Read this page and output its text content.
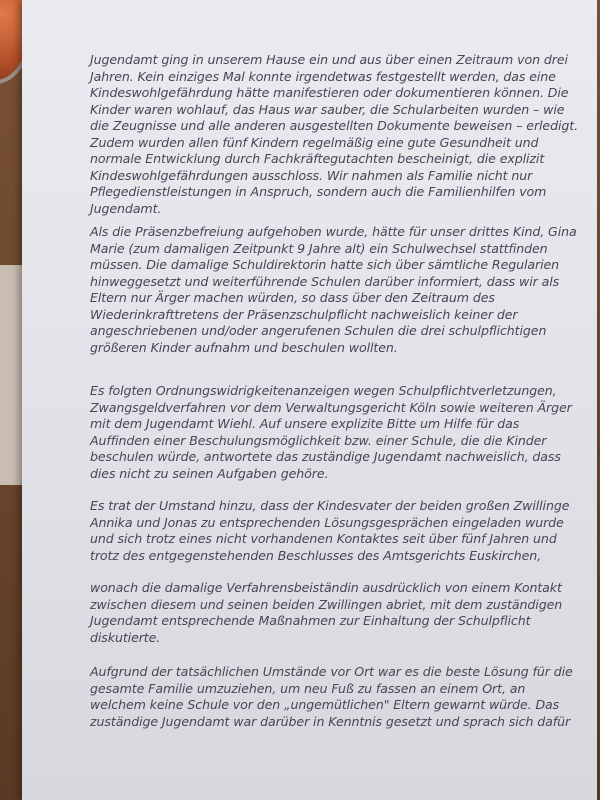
Jugendamt ging in unserem Hause ein und aus über einen Zeitraum von drei
Jahren. Kein einziges Mal konnte irgendetwas festgestellt werden, das eine
Kindeswohlgefährdung hätte manifestieren oder dokumentieren können. Die
Kinder waren wohlauf, das Haus war sauber, die Schularbeiten wurden – wie
die Zeugnisse und alle anderen ausgestellten Dokumente beweisen – erledigt.
Zudem wurden allen fünf Kindern regelmäßig eine gute Gesundheit und
normale Entwicklung durch Fachkräftegutachten bescheinigt, die explizit
Kindeswohlgefährdungen ausschloss. Wir nahmen als Familie nicht nur
Pflegedienstleistungen in Anspruch, sondern auch die Familienhilfen vom
Jugendamt.

Als die Präsenzbefreiung aufgehoben wurde, hätte für unser drittes Kind, Gina
Marie (zum damaligen Zeitpunkt 9 Jahre alt) ein Schulwechsel stattfinden
müssen. Die damalige Schuldirektorin hatte sich über sämtliche Regularien
hinweggesetzt und weiterführende Schulen darüber informiert, dass wir als
Eltern nur Ärger machen würden, so dass über den Zeitraum des
Wiederinkrafttretens der Präsenzschulpflicht nachweislich keiner der
angeschriebenen und/oder angerufenen Schulen die drei schulpflichtigen
größeren Kinder aufnahm und beschulen wollten.

Es folgten Ordnungswidrigkeitenanzeigen wegen Schulpflichtverletzungen,
Zwangsgeldverfahren vor dem Verwaltungsgericht Köln sowie weiteren Ärger
mit dem Jugendamt Wiehl. Auf unsere explizite Bitte um Hilfe für das
Auffinden einer Beschulungsmöglichkeit bzw. einer Schule, die die Kinder
beschulen würde, antwortete das zuständige Jugendamt nachweislich, dass
dies nicht zu seinen Aufgaben gehöre.

Es trat der Umstand hinzu, dass der Kindesvater der beiden großen Zwillinge
Annika und Jonas zu entsprechenden Lösungsgesprächen eingeladen wurde
und sich trotz eines nicht vorhandenen Kontaktes seit über fünf Jahren und
trotz des entgegenstehenden Beschlusses des Amtsgerichts Euskirchen,

wonach die damalige Verfahrensbeiständin ausdrücklich von einem Kontakt
zwischen diesem und seinen beiden Zwillingen abriet, mit dem zuständigen
Jugendamt entsprechende Maßnahmen zur Einhaltung der Schulpflicht
diskutierte.

Aufgrund der tatsächlichen Umstände vor Ort war es die beste Lösung für die
gesamte Familie umzuziehen, um neu Fuß zu fassen an einem Ort, an
welchem keine Schule vor den „ungemütlichen" Eltern gewarnt würde. Das
zuständige Jugendamt war darüber in Kenntnis gesetzt und sprach sich dafür
